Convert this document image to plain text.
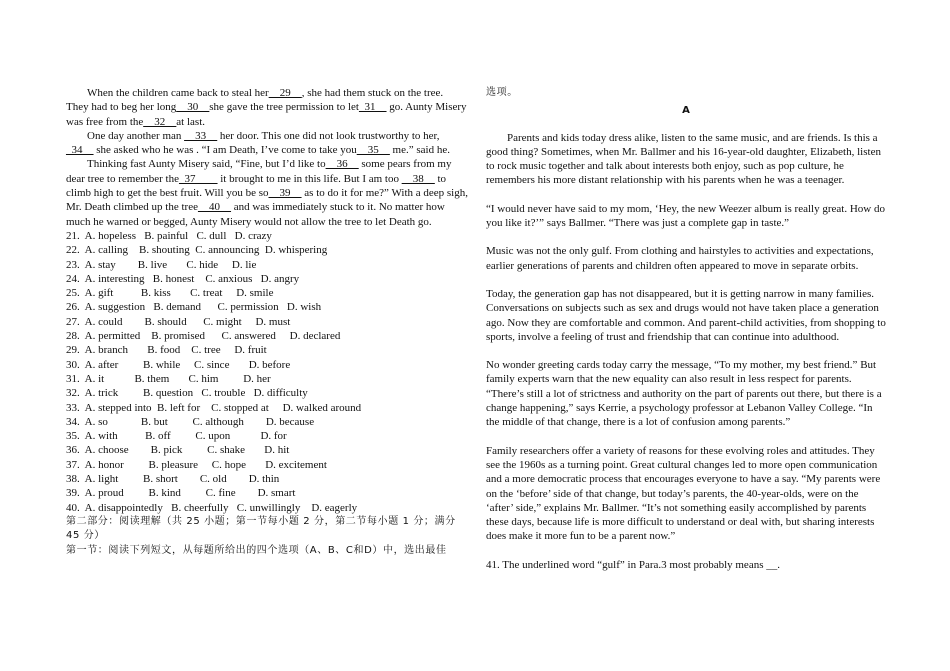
When the children came back to steal her__29__, she had them stuck on the tree. They had to beg her long__30__she gave the tree permission to let_31__ go. Aunty Misery was free from the__32__at last.

One day another man __33__ her door. This one did not look trustworthy to her, _34__ she asked who he was . “I am Death, I’ve come to take you__35__ me.” said he.

Thinking fast Aunty Misery said, “Fine, but I’d like to__36__ some pears from my dear tree to remember the_37____ it brought to me in this life. But I am too __38__ to climb high to get the best fruit. Will you be so__39__ as to do it for me?” With a deep sigh, Mr. Death climbed up the tree__40__ and was immediately stuck to it. No matter how much he warned or begged, Aunty Misery would not allow the tree to let Death go.

21.  A. hopeless   B. painful   C. dull   D. crazy
22.  A. calling    B. shouting  C. announcing  D. whispering
23.  A. stay        B. live       C. hide     D. lie
24.  A. interesting   B. honest    C. anxious   D. angry
25.  A. gift          B. kiss       C. treat     D. smile
26.  A. suggestion   B. demand      C. permission   D. wish
27.  A. could        B. should      C. might     D. must
28.  A. permitted    B. promised      C. answered     D. declared
29.  A. branch       B. food    C. tree     D. fruit
30.  A. after         B. while     C. since       D. before
31.  A. it           B. them       C. him         D. her
32.  A. trick         B. question   C. trouble   D. difficulty
33.  A. stepped into  B. left for    C. stopped at     D. walked around
34.  A. so            B. but         C. although        D. because
35.  A. with          B. off         C. upon           D. for
36.  A. choose        B. pick         C. shake       D. hit
37.  A. honor         B. pleasure     C. hope       D. excitement
38.  A. light         B. short        C. old        D. thin
39.  A. proud         B. kind         C. fine        D. smart
40.  A. disappointedly   B. cheerfully   C. unwillingly    D. eagerly
第二部分：阅读理解（共 25 小题；第一节每小题 2 分，第二节每小题 1 分；满分
45 分）
第一节：阅读下列短文，从每题所给出的四个选项（A、B、C和D）中，选出最佳
选项。
A

Parents and kids today dress alike, listen to the same music, and are friends. Is this a good thing? Sometimes, when Mr. Ballmer and his 16-year-old daughter, Elizabeth, listen to rock music together and talk about interests both enjoy, such as pop culture, he remembers his more distant relationship with his parents when he was a teenager.

“I would never have said to my mom, ‘Hey, the new Weezer album is really great. How do you like it?’” says Ballmer. “There was just a complete gap in taste.”

Music was not the only gulf. From clothing and hairstyles to activities and expectations, earlier generations of parents and children often appeared to move in separate orbits.

Today, the generation gap has not disappeared, but it is getting narrow in many families. Conversations on subjects such as sex and drugs would not have taken place a generation ago. Now they are comfortable and common. And parent-child activities, from shopping to sports, involve a feeling of trust and friendship that can continue into adulthood.

No wonder greeting cards today carry the message, “To my mother, my best friend.” But family experts warn that the new equality can also result in less respect for parents. “There’s still a lot of strictness and authority on the part of parents out there, but there is a change happening,” says Kerrie, a psychology professor at Lebanon Valley College. “In the middle of that change, there is a lot of confusion among parents.”

Family researchers offer a variety of reasons for these evolving roles and attitudes. They see the 1960s as a turning point. Great cultural changes led to more open communication and a more democratic process that encourages everyone to have a say. “My parents were on the ‘before’ side of that change, but today’s parents, the 40-year-olds, were on the ‘after’ side,” explains Mr. Ballmer. “It’s not something easily accomplished by parents these days, because life is more difficult to understand or deal with, but sharing interests does make it more fun to be a parent now.”

41. The underlined word “gulf” in Para.3 most probably means __.
